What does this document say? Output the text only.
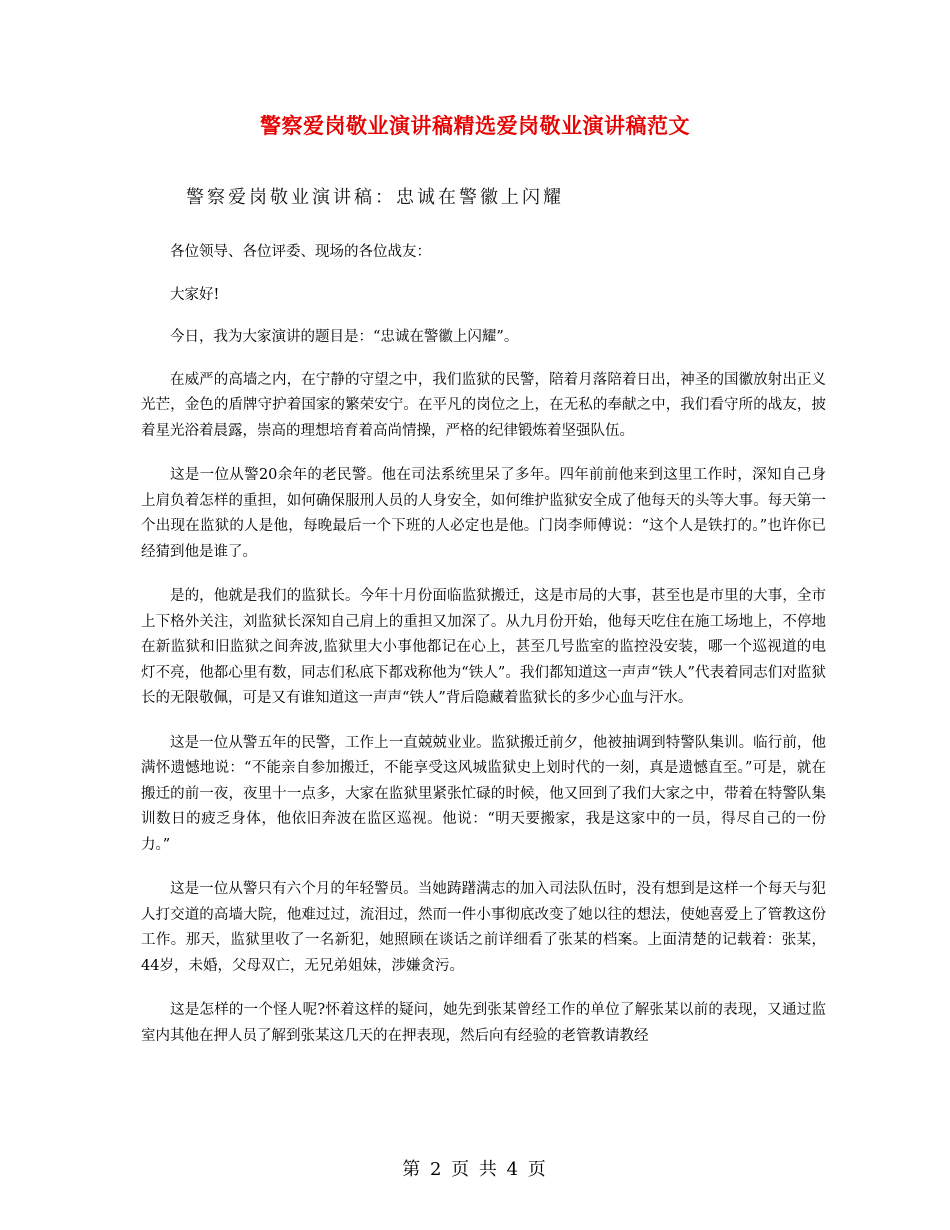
警察爱岗敬业演讲稿精选爱岗敬业演讲稿范文
警察爱岗敬业演讲稿：忠诚在警徽上闪耀

各位领导、各位评委、现场的各位战友：

大家好!

今日，我为大家演讲的题目是：“忠诚在警徽上闪耀”。

在威严的高墙之内，在宁静的守望之中，我们监狱的民警，陪着月落陪着日出，神圣的国徽放射出正义光芒，金色的盾牌守护着国家的繁荣安宁。在平凡的岗位之上，在无私的奉献之中，我们看守所的战友，披着星光浴着晨露，崇高的理想培育着高尚情操，严格的纪律锻炼着坚强队伍。

这是一位从警20余年的老民警。他在司法系统里呆了多年。四年前前他来到这里工作时，深知自己身上肩负着怎样的重担，如何确保服刑人员的人身安全，如何维护监狱安全成了他每天的头等大事。每天第一个出现在监狱的人是他，每晚最后一个下班的人必定也是他。门岗李师傅说：“这个人是铁打的。”也许你已经猜到他是谁了。

是的，他就是我们的监狱长。今年十月份面临监狱搬迁，这是市局的大事，甚至也是市里的大事，全市上下格外关注，刘监狱长深知自己肩上的重担又加深了。从九月份开始，他每天吃住在施工场地上，不停地在新监狱和旧监狱之间奔波,监狱里大小事他都记在心上，甚至几号监室的监控没安装，哪一个巡视道的电灯不亮，他都心里有数，同志们私底下都戏称他为“铁人”。我们都知道这一声声“铁人”代表着同志们对监狱长的无限敬佩，可是又有谁知道这一声声“铁人”背后隐藏着监狱长的多少心血与汗水。

这是一位从警五年的民警，工作上一直兢兢业业。监狱搬迁前夕，他被抽调到特警队集训。临行前，他满怀遗憾地说：“不能亲自参加搬迁，不能享受这风城监狱史上划时代的一刻，真是遗憾直至。”可是，就在搬迁的前一夜，夜里十一点多，大家在监狱里紧张忙碌的时候，他又回到了我们大家之中，带着在特警队集训数日的疲乏身体，他依旧奔波在监区巡视。他说：“明天要搬家，我是这家中的一员，得尽自己的一份力。”

这是一位从警只有六个月的年轻警员。当她踌躇满志的加入司法队伍时，没有想到是这样一个每天与犯人打交道的高墙大院，他难过过，流泪过，然而一件小事彻底改变了她以往的想法，使她喜爱上了管教这份工作。那天，监狱里收了一名新犯，她照顾在谈话之前详细看了张某的档案。上面清楚的记载着：张某，44岁，未婚，父母双亡，无兄弟姐妹，涉嫌贪污。

这是怎样的一个怪人呢?怀着这样的疑问，她先到张某曾经工作的单位了解张某以前的表现，又通过监室内其他在押人员了解到张某这几天的在押表现，然后向有经验的老管教请教经

第 2 页 共 4 页
